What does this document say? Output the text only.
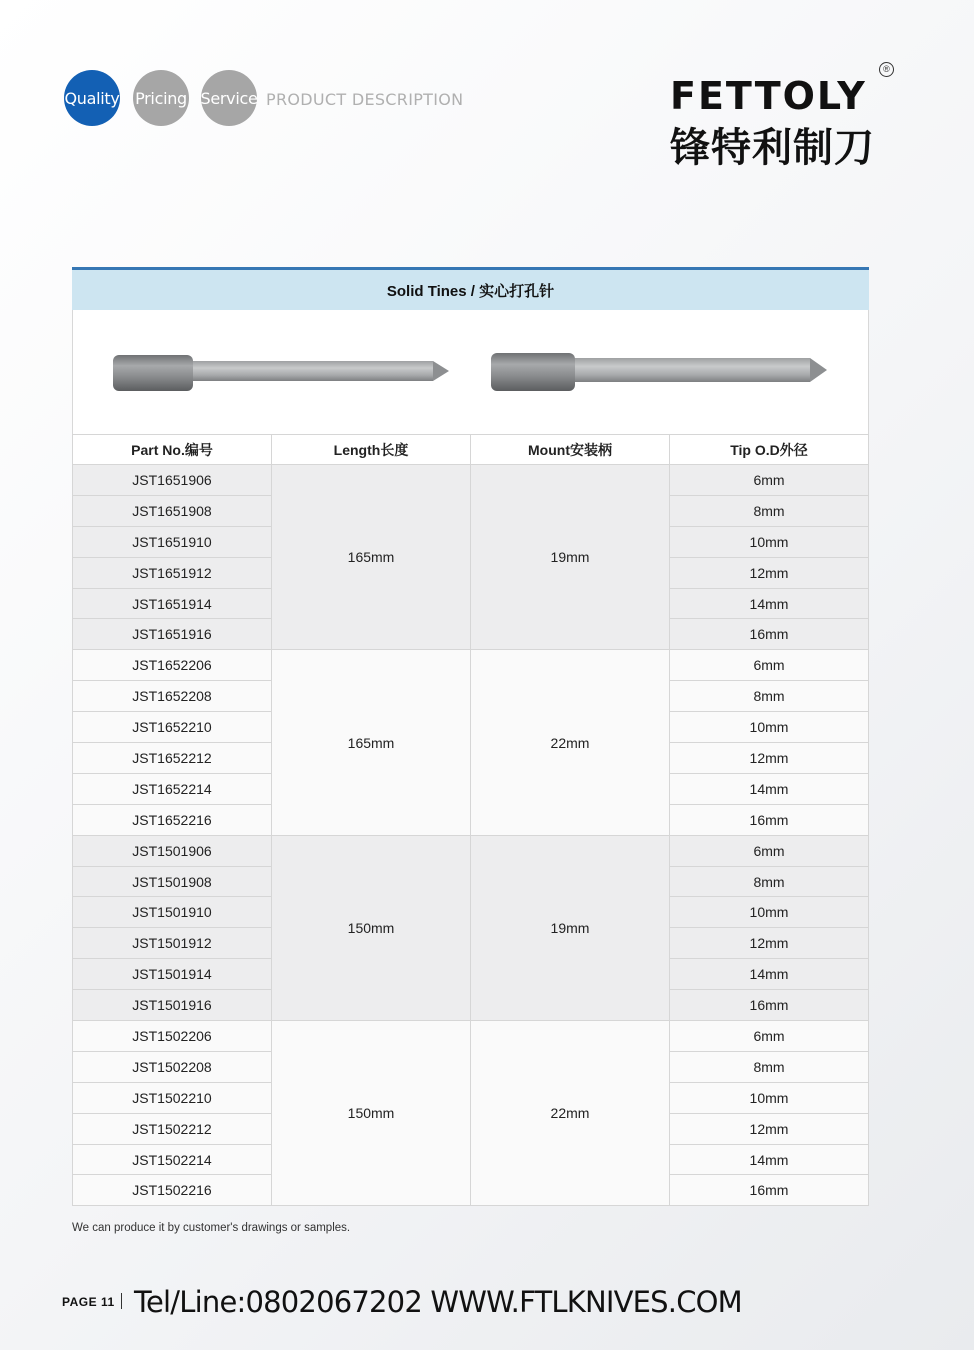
Quality Pricing Service PRODUCT DESCRIPTION	FETTOLY
®
锋特利制刀
Solid Tines / 实心打孔针
Part No.编号	Length长度	Mount安装柄	Tip O.D外径
JST1651906	165mm	19mm	6mm
JST1651908			8mm
JST1651910			10mm
JST1651912			12mm
JST1651914			14mm
JST1651916			16mm
JST1652206	165mm	22mm	6mm
JST1652208			8mm
JST1652210			10mm
JST1652212			12mm
JST1652214			14mm
JST1652216			16mm
JST1501906	150mm	19mm	6mm
JST1501908			8mm
JST1501910			10mm
JST1501912			12mm
JST1501914			14mm
JST1501916			16mm
JST1502206	150mm	22mm	6mm
JST1502208			8mm
JST1502210			10mm
JST1502212			12mm
JST1502214			14mm
JST1502216			16mm
We can produce it by customer's drawings or samples.
PAGE 11 Tel/Line:0802067202 WWW.FTLKNIVES.COM
